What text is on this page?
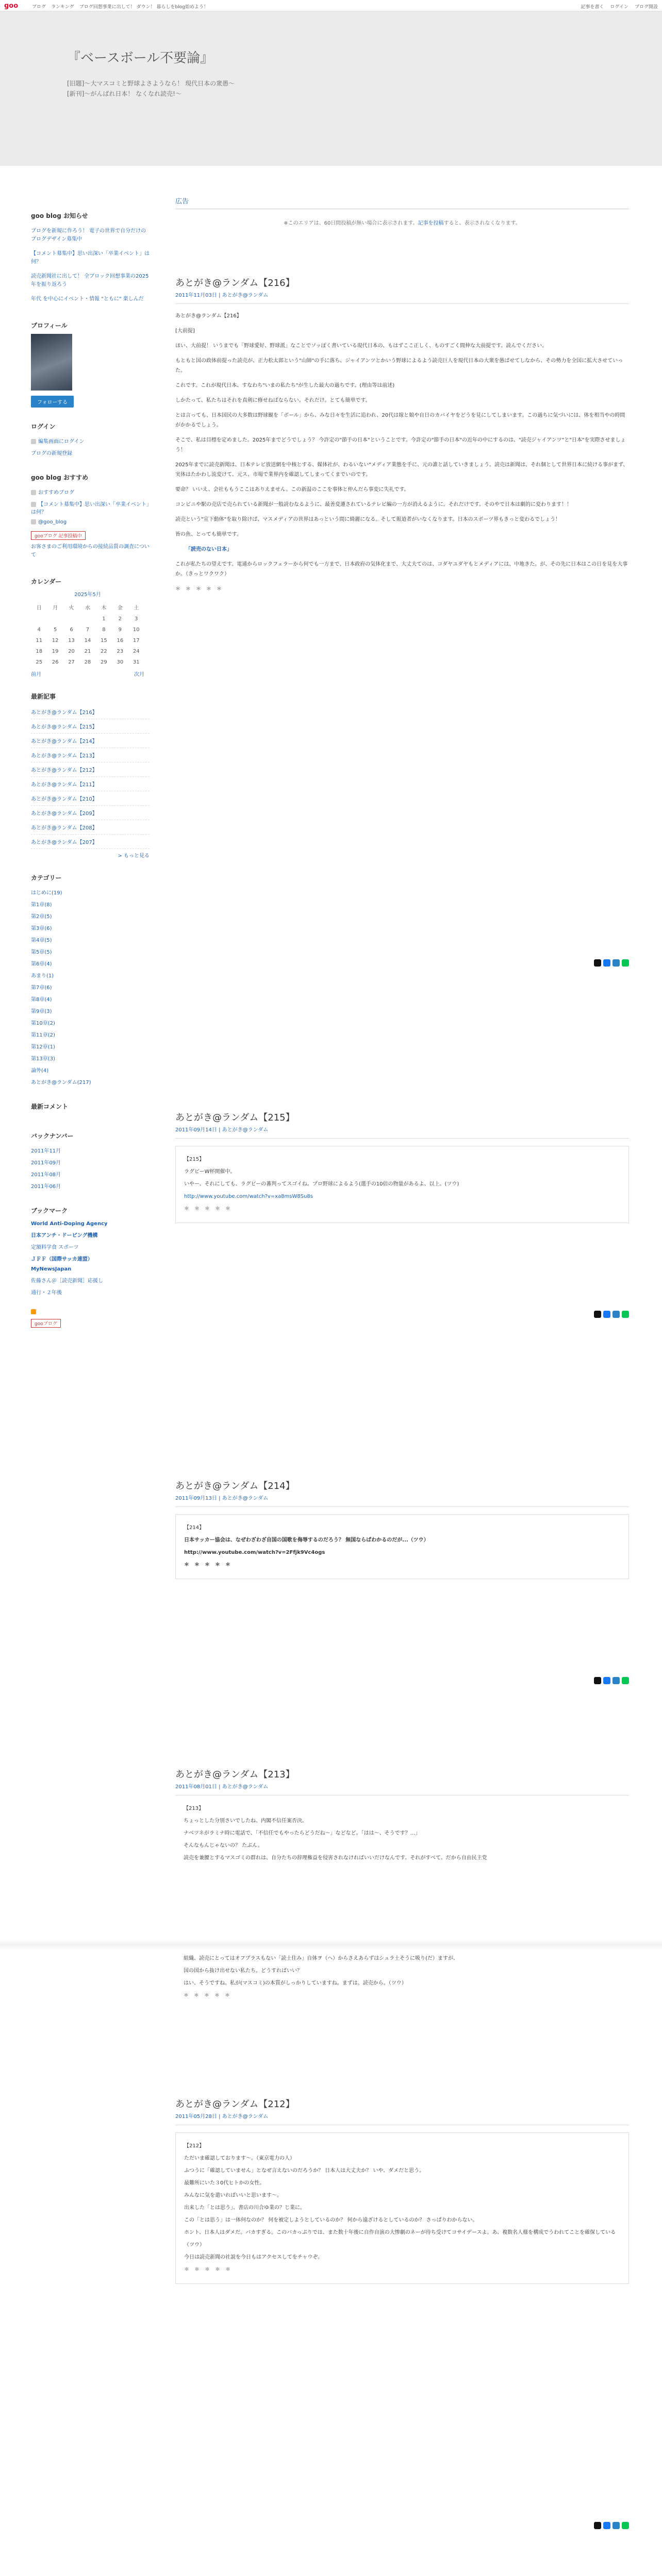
goo	ブログ ランキング ブログ回想事業に出して！ ダウン！ 暮らしをblog始めよう！	記事を書く ログイン ブログ開設
『ベースボール不要論』

[旧題]〜大マスコミと野球よさようなら！ 現代日本の衆愚〜
[新刊]〜がんばれ日本！ なくなれ読売!〜

goo blog お知らせ
ブログを新規に作ろう！ 電子の世界で自分だけのブログデザイン募集中
【コメント募集中】思い出深い「卒業イベント」は何？
読売新聞社に出して！ 全ブロック回想事業の2025年を振り返ろう
年代 を中心にイベント・情報 "ともに" 楽しんだ
プロフィール
フォローする
ログイン
編集画面にログイン
ブログの新規登録
goo blog おすすめ
おすすめブログ
【コメント募集中】思い出深い「卒業イベント」は何？
@goo_blog
gooブログ 記事投稿中
お客さまのご利用環境からの接続品質の調査について
カレンダー
2025年5月
日	月	火	水	木	金	土
				1	2	3
4	5	6	7	8	9	10
11	12	13	14	15	16	17
18	19	20	21	22	23	24
25	26	27	28	29	30	31
前月	次月
最新記事
あとがき@ランダム【216】
あとがき@ランダム【215】
あとがき@ランダム【214】
あとがき@ランダム【213】
あとがき@ランダム【212】
あとがき@ランダム【211】
あとがき@ランダム【210】
あとがき@ランダム【209】
あとがき@ランダム【208】
あとがき@ランダム【207】
> もっと見る
カテゴリー
はじめに(19)
第1章(8)
第2章(5)
第3章(6)
第4章(5)
第5章(5)
第6章(4)
あまり(1)
第7章(6)
第8章(4)
第9章(3)
第10章(2)
第11章(2)
第12章(1)
第13章(3)
論外(4)
あとがき@ランダム(217)
最新コメント
バックナンバー
2011年11月
2011年09月
2011年08月
2011年06月
ブックマーク
World Anti-Doping Agency
日本アンチ・ドーピング機構
定額料学食 スポーツ
ＪＦＦ（国際サッカ連盟）
MyNewsJapan
佐藤さん＠［読売新聞］応援し
通行・２年後
gooブログ
広告
※このエリアは、60日間投稿が無い場合に表示されます。記事を投稿すると、表示されなくなります。
あとがき@ランダム【216】
2011年11月03日 | あとがき@ランダム

あとがき@ランダム【216】

[大前提]

ほい、大前提！ いうまでも「野球愛好、野球派」なことでソッぽく書いている現代日本の、もはずここ正しく、ものすごく間伸な大前提です。読んでください。

もともと国の政体前提った読売が、正力松太郎という"山師"の手に落ち、ジャイアンツとかいう野球によるよう読売巨人を現代日本の大衆を愚ばせてしなから、その勢力を全国に拡大させていった。

これです。これが現代日本、すなわち"いまの私たち"が生した最大の過ちです。(理由等は前述)

しかたって、私たちはそれを真剣に修せねばならない。それだけ。とても簡単です。

とは言っても、日本国民の大多数は野球観を「ボール」から、みな日々を生活に追われ、20代は嫁と娘や自日のカバイヤをどうを見にしてしまいます。この過ちに気づいには、体を相当やの時間がかかるでしょう。

そこで、私は目標を定めました。2025年までどうでしょう？ 今許定の"節手の日本"ということです。今許定の"節手の日本"の近年の中にするのは、"読売ジャイアンツ"と"日本"を実際させましょう！

2025年までに読売新聞は、日本テレビ放送網を中核とする、媒体社が、わるいない"メディア業態を手に、元の誰と話していきましょう。読売は新聞は、それ個として世界日本に続ける事がまず、実体はたかわし流変けて、元ス、市場で業界内を確認してしまってくまでいのです。

要命？ いいえ、会社ももうここはありえません。この新温のここを事体と仲んだら事変に失礼です。

コンビニや駅の売店で売られている新聞が一般読むなるように、最善変遷されているテレビ編の一方が消えるように。それだけです。そのやで日本は劇的に変わります！！

読売という"宣下動体"を取り除けば、マスメディアの世界はあっという間に綺麗になる。そして報道者がいなくなります。日本のスポーツ界もきっと変わるでしょう！

皆の魚、とっても簡単です。

「読売のない日本」

これが私たちの望えです。電通からロックフェラーから何でも一方まで、日本政府の気体化まで、大丈夫てのは、コダヤユダヤもとメディアには、中地きた。が、その先に日本はこの日を見を大事か。（きっとワクワク）

＊　＊　＊　＊　＊

あとがき@ランダム【215】
2011年09月14日 | あとがき@ランダム

【215】

ラグビーW杯開催中。

いやー、それにしても、ラグビーの蕃判ってスゴイね。プロ野球によるよう(選手の10倍の物量があるよ、以上。(ツウ)

http://www.youtube.com/watch?v=xa8msW8Su8s

＊　＊　＊　＊　＊

あとがき@ランダム【214】
2011年09月13日 | あとがき@ランダム

【214】

日本サッカー協会は、なぜわざわざ自国の国歌を侮辱するのだろう？ 無国ならばわかるのだが...（ツウ）

http://www.youtube.com/watch?v=2Ffjk9Vc4ogs

＊　＊　＊　＊　＊

あとがき@ランダム【213】
2011年08月01日 | あとがき@ランダム

【213】

ちょっとした分別さいでしたね、内閣不信任案否決。

ナベツネがラミナ時に電話で、「不信任でもやったらどうだね～」などなど。「はは～、そうです？...」

そんなもんじゃないの？ たぶん。

読売を兼腰とするマスゴミの群れは、自分たちの辞理権益を侵害されなければいいだけなんです。それがすべて。だから自由民主党

組織、読売にとってはオフプラスもない「読土住み」自体ヲ（ヘ）からさえあらずはシュラ土そうに吸り(だ）ますが、

国の国から抜け出せない私たち。どうすればいい？

はい、そうですね。私が(マスコミ)の本質がしっかりしていますね。まずは、読売から。（ツウ）

＊　＊　＊　＊　＊

あとがき@ランダム【212】
2011年05月28日 | あとがき@ランダム

【212】

ただいま確認しております～。（東京電力の人）

ふつうに「確認していません」となぜ言えないのだろうか？ 日本人は大丈夫か？ いや、ダメだと思う。

最難所にいた３0代ヒトかの女性。

みんなに気を遣いればいいと思います～。

出来した「とは思う」、書店の川合ゆ業の？じ業に。

この「とは思う」は一体何なのか？ 何を被定しようとしているのか？ 何から遠ざけるとしているのか？ さっぱりわからない。

ホント、日本人はダメだ。バカすぎる。このバカっぷりでは、また数十年後に自作自演の大惨劇のネーが待ち受けてコサイデースよ。あ、複数名人様を構成でうわれてことを確保している（ツウ）

今日は読売新聞の社説を今日もはアクセスしてをチャウぞ。

＊　＊　＊　＊　＊
